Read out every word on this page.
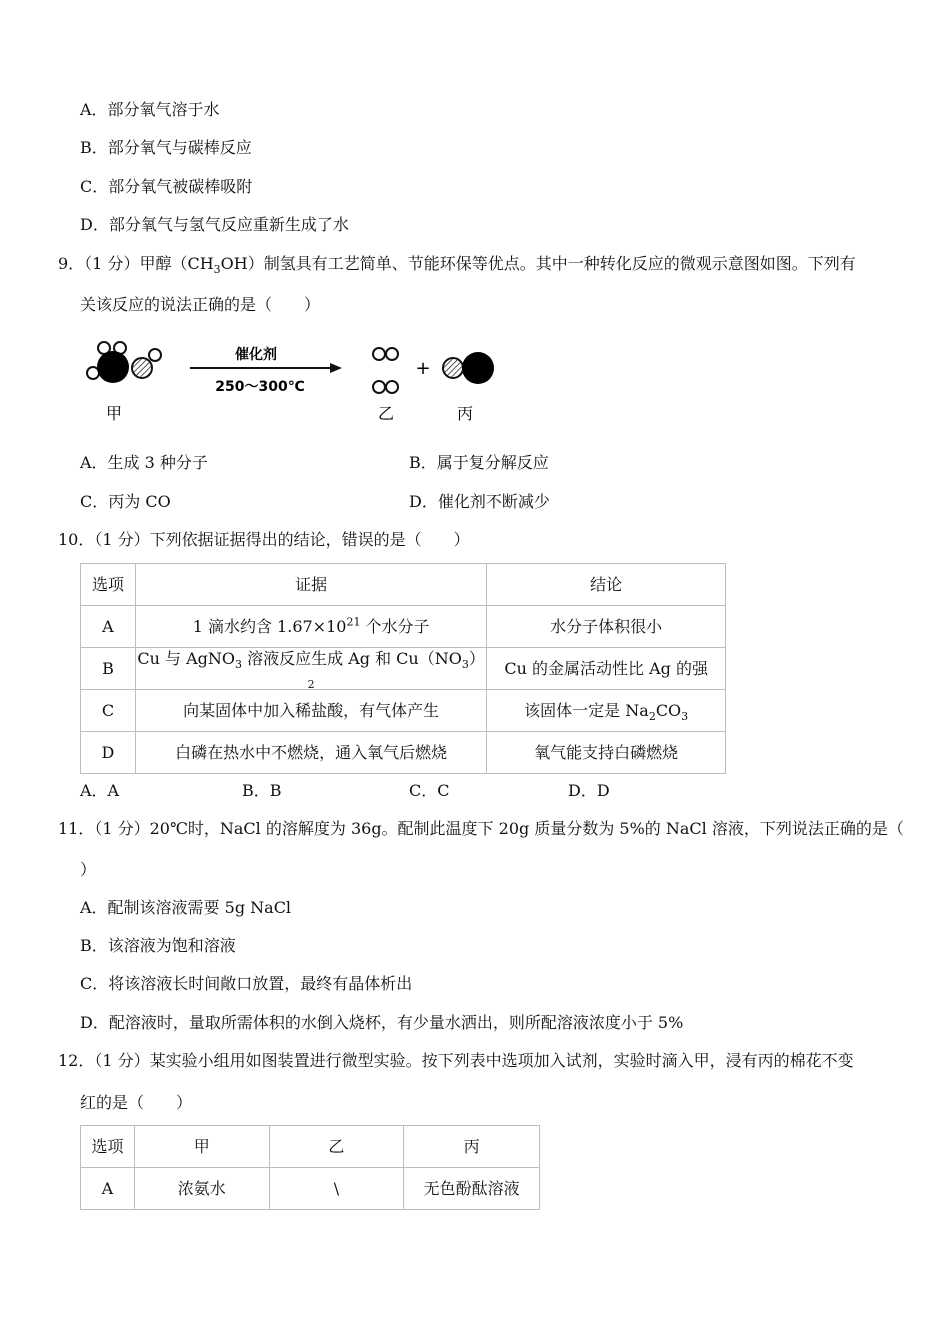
A．部分氧气溶于水
B．部分氧气与碳棒反应
C．部分氧气被碳棒吸附
D．部分氧气与氢气反应重新生成了水
9．（1 分）甲醇$(CH_3OH)$制氢具有工艺简单、节能环保等优点。其中一种转化反应的微观示意图如图。下列有
关该反应的说法正确的是（　　）
甲
催化剂
250～300℃
+
乙	丙
A．生成 3 种分子	B．属于复分解反应
C．丙为 CO	D．催化剂不断减少
10．（1 分）下列依据证据得出的结论，错误的是（　　）
选项	证据	结论
A	1 滴水约含 $1.67\times 10^{21}$ 个水分子	水分子体积很小
B	Cu 与 AgNO$_3$ 溶液反应生成 Ag 和 $Cu(NO_3)_2$	Cu 的金属活动性比 Ag 的强
C	向某固体中加入稀盐酸，有气体产生	该固体一定是 $Na_2CO_3$
D	白磷在热水中不燃烧，通入氧气后燃烧	氧气能支持白磷燃烧
A．A	B．B	C．C	D．D
11．（1 分）20℃时，NaCl 的溶解度为 36g。配制此温度下 20g 质量分数为 5%的 NaCl 溶液，下列说法正确的是（
）
A．配制该溶液需要 5g NaCl
B．该溶液为饱和溶液
C．将该溶液长时间敞口放置，最终有晶体析出
D．配溶液时，量取所需体积的水倒入烧杯，有少量水洒出，则所配溶液浓度小于 5%
12．（1 分）某实验小组用如图装置进行微型实验。按下列表中选项加入试剂，实验时滴入甲，浸有丙的棉花不变
红的是（　　）
选项	甲	乙	丙
A	浓氨水	\	无色酚酞溶液
